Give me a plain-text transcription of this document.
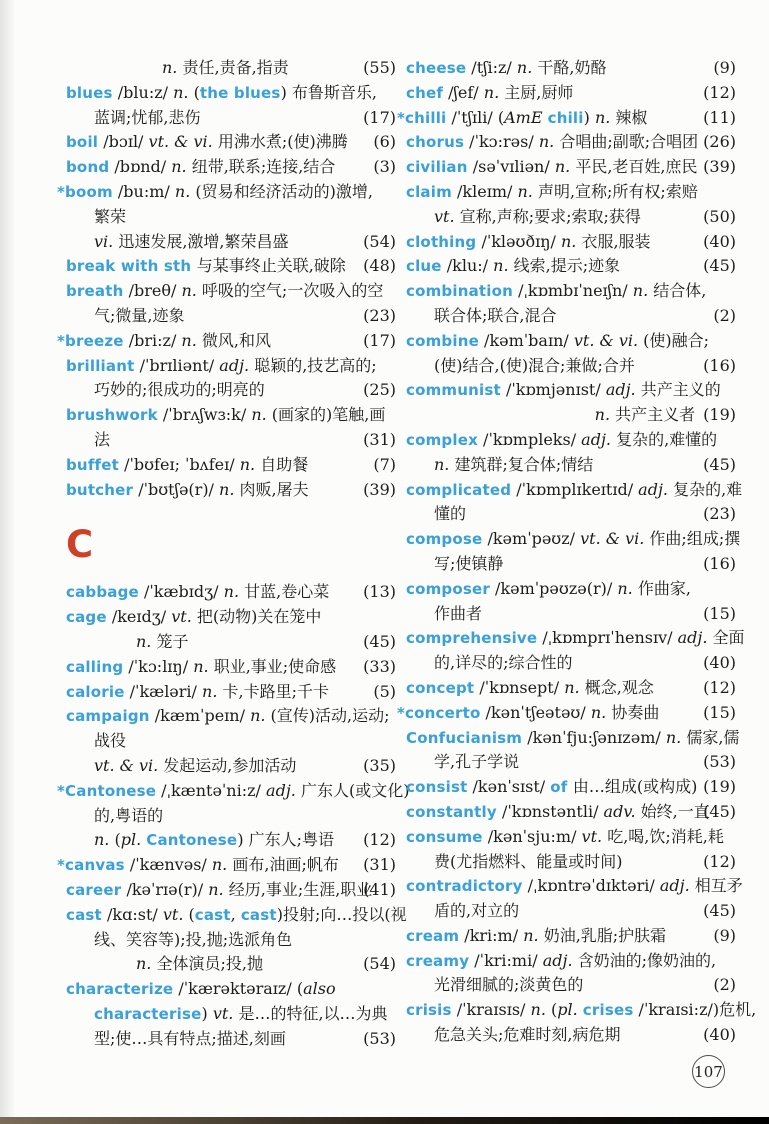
n. 责任,责备,指责	(55)
blues /blu:z/ n. (the blues) 布鲁斯音乐,
蓝调;忧郁,悲伤	(17)
boil /bɔɪl/ vt. & vi. 用沸水煮;(使)沸腾	(6)
bond /bɒnd/ n. 纽带,联系;连接,结合	(3)
*boom /bu:m/ n. (贸易和经济活动的)激增,
繁荣
vi. 迅速发展,激增,繁荣昌盛	(54)
break with sth 与某事终止关联,破除	(48)
breath /breθ/ n. 呼吸的空气;一次吸入的空
气;微量,迹象	(23)
*breeze /bri:z/ n. 微风,和风	(17)
brilliant /ˈbrɪliənt/ adj. 聪颖的,技艺高的;
巧妙的;很成功的;明亮的	(25)
brushwork /ˈbrʌʃwɜ:k/ n. (画家的)笔触,画
法	(31)
buffet /ˈbʊfeɪ; ˈbʌfeɪ/ n. 自助餐	(7)
butcher /ˈbʊtʃə(r)/ n. 肉贩,屠夫	(39)
C
cabbage /ˈkæbɪdʒ/ n. 甘蓝,卷心菜	(13)
cage /keɪdʒ/ vt. 把(动物)关在笼中
n. 笼子	(45)
calling /ˈkɔ:lɪŋ/ n. 职业,事业;使命感	(33)
calorie /ˈkæləri/ n. 卡,卡路里;千卡	(5)
campaign /kæmˈpeɪn/ n. (宣传)活动,运动;
战役
vt. & vi. 发起运动,参加活动	(35)
*Cantonese /ˌkæntəˈni:z/ adj. 广东人(或文化)
的,粤语的
n. (pl. Cantonese) 广东人;粤语	(12)
*canvas /ˈkænvəs/ n. 画布,油画;帆布	(31)
career /kəˈrɪə(r)/ n. 经历,事业;生涯,职业
(41)
cast /kɑ:st/ vt. (cast, cast)投射;向…投以(视
线、笑容等);投,抛;选派角色
n. 全体演员;投,抛	(54)
characterize /ˈkærəktəraɪz/ (also
characterise) vt. 是…的特征,以…为典
型;使…具有特点;描述,刻画	(53)
cheese /tʃi:z/ n. 干酪,奶酪	(9)
chef /ʃef/ n. 主厨,厨师	(12)
*chilli /ˈtʃɪli/ (AmE chili) n. 辣椒	(11)
chorus /ˈkɔ:rəs/ n. 合唱曲;副歌;合唱团 (26)
civilian /səˈvɪliən/ n. 平民,老百姓,庶民 (39)
claim /kleɪm/ n. 声明,宣称;所有权;索赔
vt. 宣称,声称;要求;索取;获得	(50)
clothing /ˈkləʊðɪŋ/ n. 衣服,服装	(40)
clue /klu:/ n. 线索,提示;迹象	(45)
combination /ˌkɒmbɪˈneɪʃn/ n. 结合体,
联合体;联合,混合	(2)
combine /kəmˈbaɪn/ vt. & vi. (使)融合;
(使)结合,(使)混合;兼做;合并	(16)
communist /ˈkɒmjənɪst/ adj. 共产主义的
n. 共产主义者 (19)
complex /ˈkɒmpleks/ adj. 复杂的,难懂的
n. 建筑群;复合体;情结	(45)
complicated /ˈkɒmplɪkeɪtɪd/ adj. 复杂的,难
懂的	(23)
compose /kəmˈpəʊz/ vt. & vi. 作曲;组成;撰
写;使镇静	(16)
composer /kəmˈpəʊzə(r)/ n. 作曲家,
作曲者	(15)
comprehensive /ˌkɒmprɪˈhensɪv/ adj. 全面
的,详尽的;综合性的	(40)
concept /ˈkɒnsept/ n. 概念,观念	(12)
*concerto /kənˈtʃeətəʊ/ n. 协奏曲	(15)
Confucianism /kənˈfju:ʃənɪzəm/ n. 儒家,儒
学,孔子学说	(53)
consist /kənˈsɪst/ of 由…组成(或构成) (19)
constantly /ˈkɒnstəntli/ adv. 始终,一直
(45)
consume /kənˈsju:m/ vt. 吃,喝,饮;消耗,耗
费(尤指燃料、能量或时间)	(12)
contradictory /ˌkɒntrəˈdɪktəri/ adj. 相互矛
盾的,对立的	(45)
cream /kri:m/ n. 奶油,乳脂;护肤霜	(9)
creamy /ˈkri:mi/ adj. 含奶油的;像奶油的,
光滑细腻的;淡黄色的	(2)
crisis /ˈkraɪsɪs/ n. (pl. crises /ˈkraɪsi:z/)危机,
危急关头;危难时刻,病危期	(40)
107
